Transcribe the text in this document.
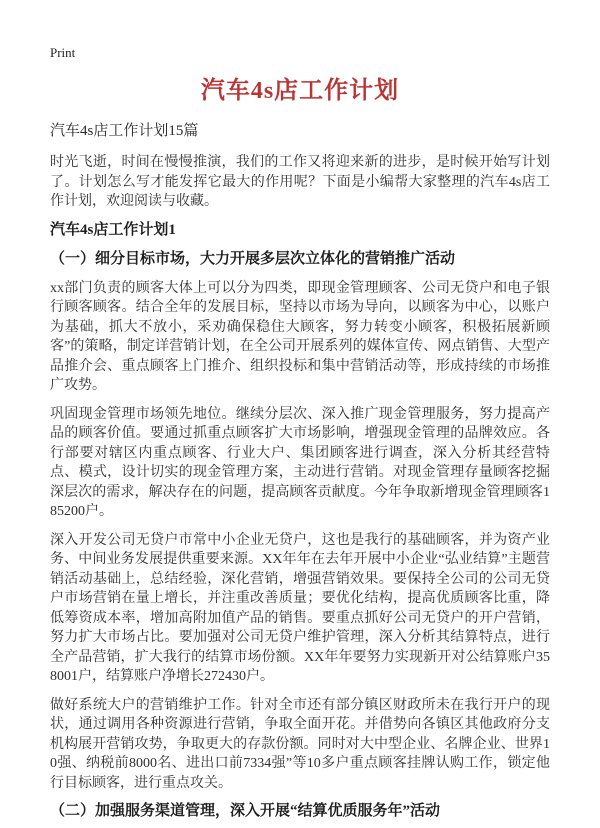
Print
汽车4s店工作计划
汽车4s店工作计划15篇

时光飞逝，时间在慢慢推演，我们的工作又将迎来新的进步，是时候开始写计划了。计划怎么写才能发挥它最大的作用呢？下面是小编帮大家整理的汽车4s店工作计划，欢迎阅读与收藏。

汽车4s店工作计划1
（一）细分目标市场，大力开展多层次立体化的营销推广活动

xx部门负责的顾客大体上可以分为四类，即现金管理顾客、公司无贷户和电子银行顾客顾客。结合全年的发展目标，坚持以市场为导向，以顾客为中心，以账户为基础，抓大不放小，采劝确保稳住大顾客，努力转变小顾客，积极拓展新顾客”的策略，制定详营销计划，在全公司开展系列的媒体宣传、网点销售、大型产品推介会、重点顾客上门推介、组织投标和集中营销活动等，形成持续的市场推广攻势。

巩固现金管理市场领先地位。继续分层次、深入推广现金管理服务，努力提高产品的顾客价值。要通过抓重点顾客扩大市场影响，增强现金管理的品牌效应。各行部要对辖区内重点顾客、行业大户、集团顾客进行调查，深入分析其经营特点、模式，设计切实的现金管理方案，主动进行营销。对现金管理存量顾客挖掘深层次的需求，解决存在的问题，提高顾客贡献度。今年争取新增现金管理顾客185200户。

深入开发公司无贷户市常中小企业无贷户，这也是我行的基础顾客，并为资产业务、中间业务发展提供重要来源。XX年年在去年开展中小企业“弘业结算”主题营销活动基础上，总结经验，深化营销，增强营销效果。要保持全公司的公司无贷户市场营销在量上增长，并注重改善质量；要优化结构，提高优质顾客比重，降低筹资成本率，增加高附加值产品的销售。要重点抓好公司无贷户的开户营销，努力扩大市场占比。要加强对公司无贷户维护管理，深入分析其结算特点，进行全产品营销，扩大我行的结算市场份额。XX年年要努力实现新开对公结算账户358001户，结算账户净增长272430户。

做好系统大户的营销维护工作。针对全市还有部分镇区财政所未在我行开户的现状，通过调用各种资源进行营销，争取全面开花。并借势向各镇区其他政府分支机构展开营销攻势，争取更大的存款份额。同时对大中型企业、名牌企业、世界10强、纳税前8000名、进出口前7334强”等10多户重点顾客挂牌认购工作，锁定他行目标顾客，进行重点攻关。

（二）加强服务渠道管理，深入开展“结算优质服务年”活动
